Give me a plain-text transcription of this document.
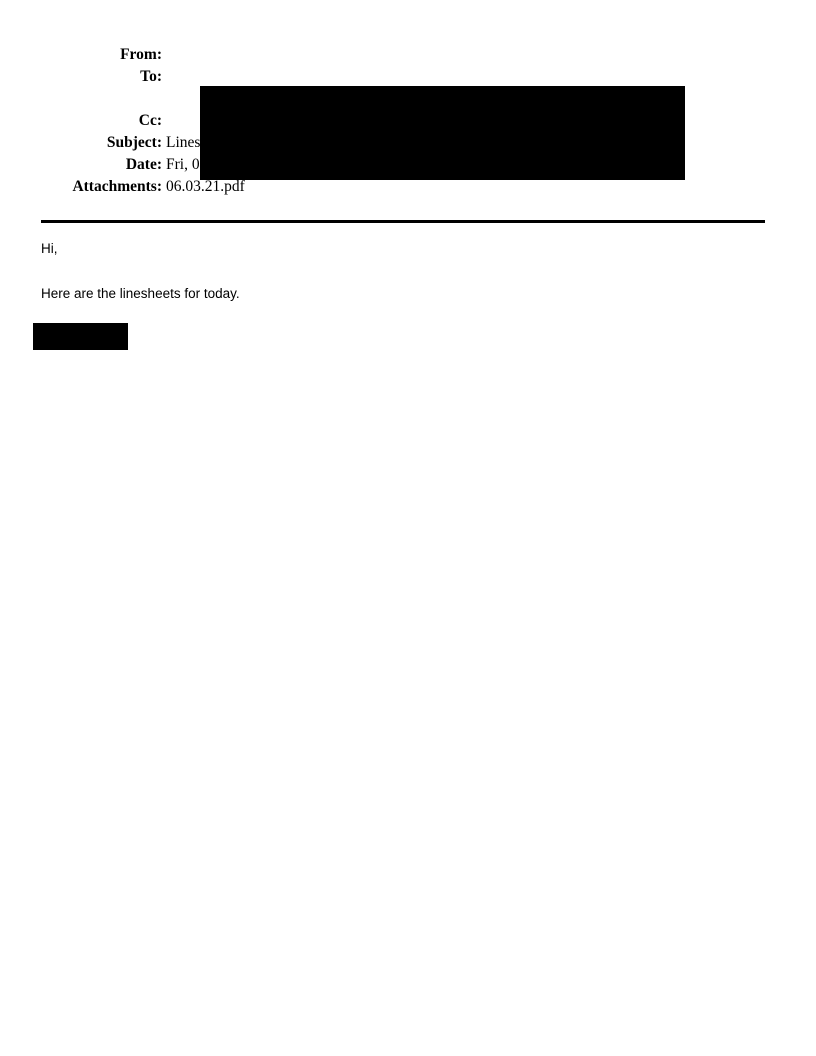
From:
To:
Cc:
Subject: Linesheets
Date: Fri, 04 Jun 2021 01:50:38 +0000
Attachments: 06.03.21.pdf

Hi,

Here are the linesheets for today.
